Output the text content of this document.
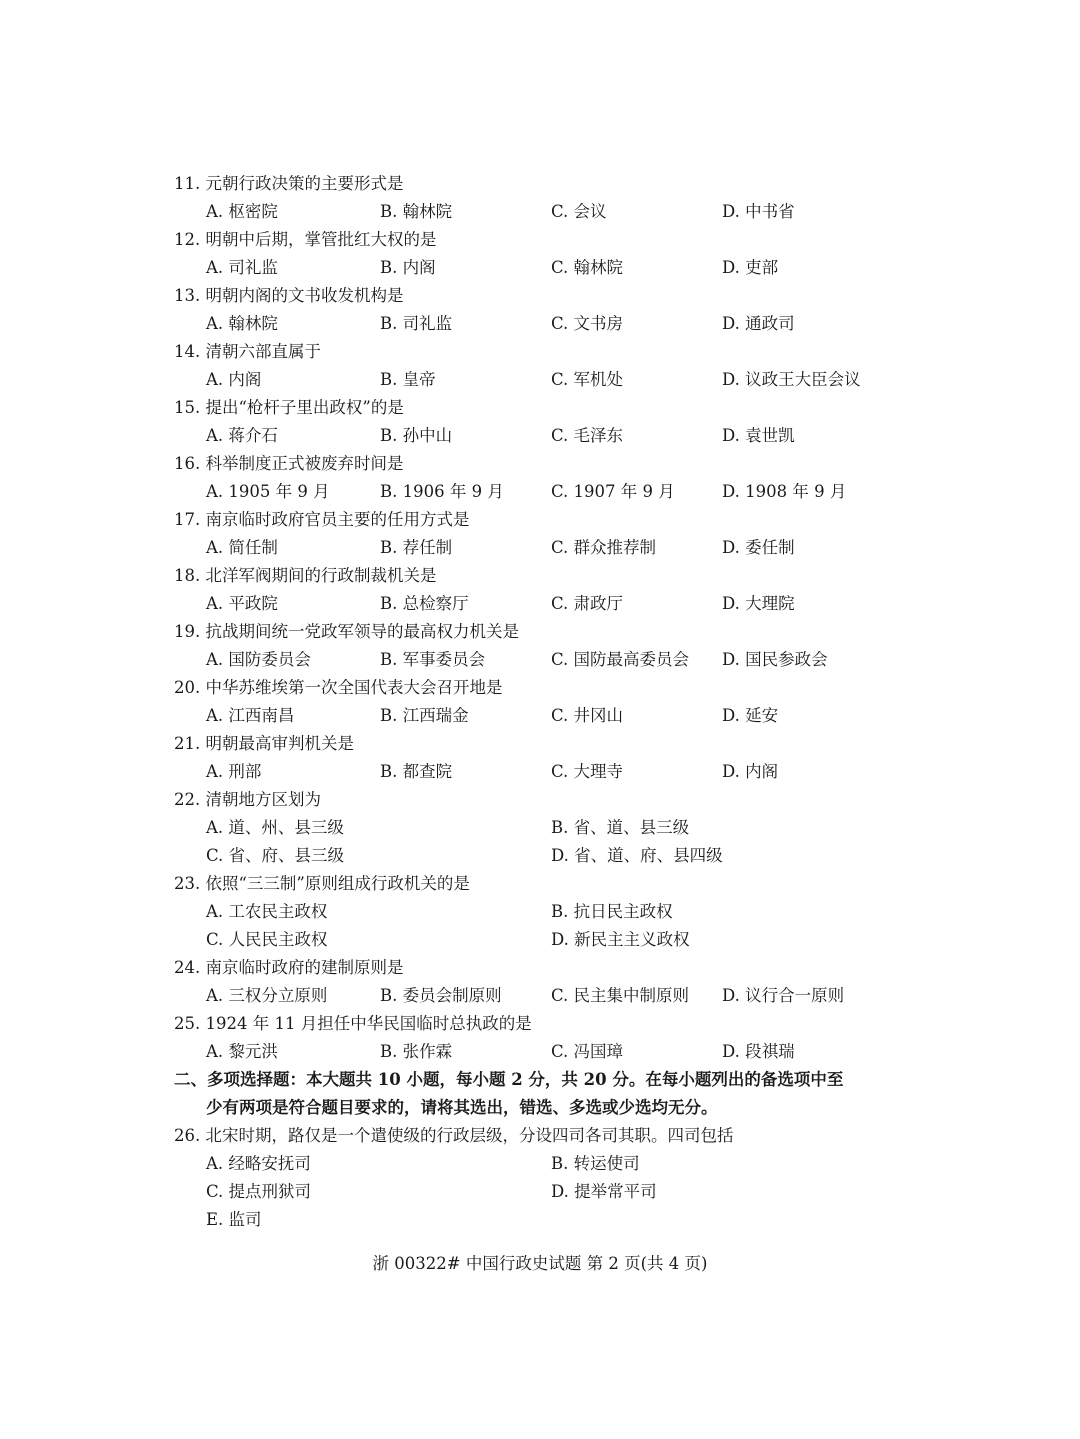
11. 元朝行政决策的主要形式是
A. 枢密院	B. 翰林院	C. 会议	D. 中书省
12. 明朝中后期，掌管批红大权的是
A. 司礼监	B. 内阁	C. 翰林院	D. 吏部
13. 明朝内阁的文书收发机构是
A. 翰林院	B. 司礼监	C. 文书房	D. 通政司
14. 清朝六部直属于
A. 内阁	B. 皇帝	C. 军机处	D. 议政王大臣会议
15. 提出“枪杆子里出政权”的是
A. 蒋介石	B. 孙中山	C. 毛泽东	D. 袁世凯
16. 科举制度正式被废弃时间是
A. 1905 年 9 月	B. 1906 年 9 月	C. 1907 年 9 月	D. 1908 年 9 月
17. 南京临时政府官员主要的任用方式是
A. 简任制	B. 荐任制	C. 群众推荐制	D. 委任制
18. 北洋军阀期间的行政制裁机关是
A. 平政院	B. 总检察厅	C. 肃政厅	D. 大理院
19. 抗战期间统一党政军领导的最高权力机关是
A. 国防委员会	B. 军事委员会	C. 国防最高委员会 D. 国民参政会
20. 中华苏维埃第一次全国代表大会召开地是
A. 江西南昌	B. 江西瑞金	C. 井冈山	D. 延安
21. 明朝最高审判机关是
A. 刑部	B. 都查院	C. 大理寺	D. 内阁
22. 清朝地方区划为
A. 道、州、县三级	B. 省、道、县三级
C. 省、府、县三级	D. 省、道、府、县四级
23. 依照“三三制”原则组成行政机关的是
A. 工农民主政权	B. 抗日民主政权
C. 人民民主政权	D. 新民主主义政权
24. 南京临时政府的建制原则是
A. 三权分立原则	B. 委员会制原则	C. 民主集中制原则 D. 议行合一原则
25. 1924 年 11 月担任中华民国临时总执政的是
A. 黎元洪	B. 张作霖	C. 冯国璋	D. 段祺瑞
二、多项选择题：本大题共 10 小题，每小题 2 分，共 20 分。在每小题列出的备选项中至
少有两项是符合题目要求的，请将其选出，错选、多选或少选均无分。
26. 北宋时期，路仅是一个遣使级的行政层级，分设四司各司其职。四司包括
A. 经略安抚司	B. 转运使司
C. 提点刑狱司	D. 提举常平司
E. 监司
浙 00322# 中国行政史试题 第 2 页(共 4 页)
